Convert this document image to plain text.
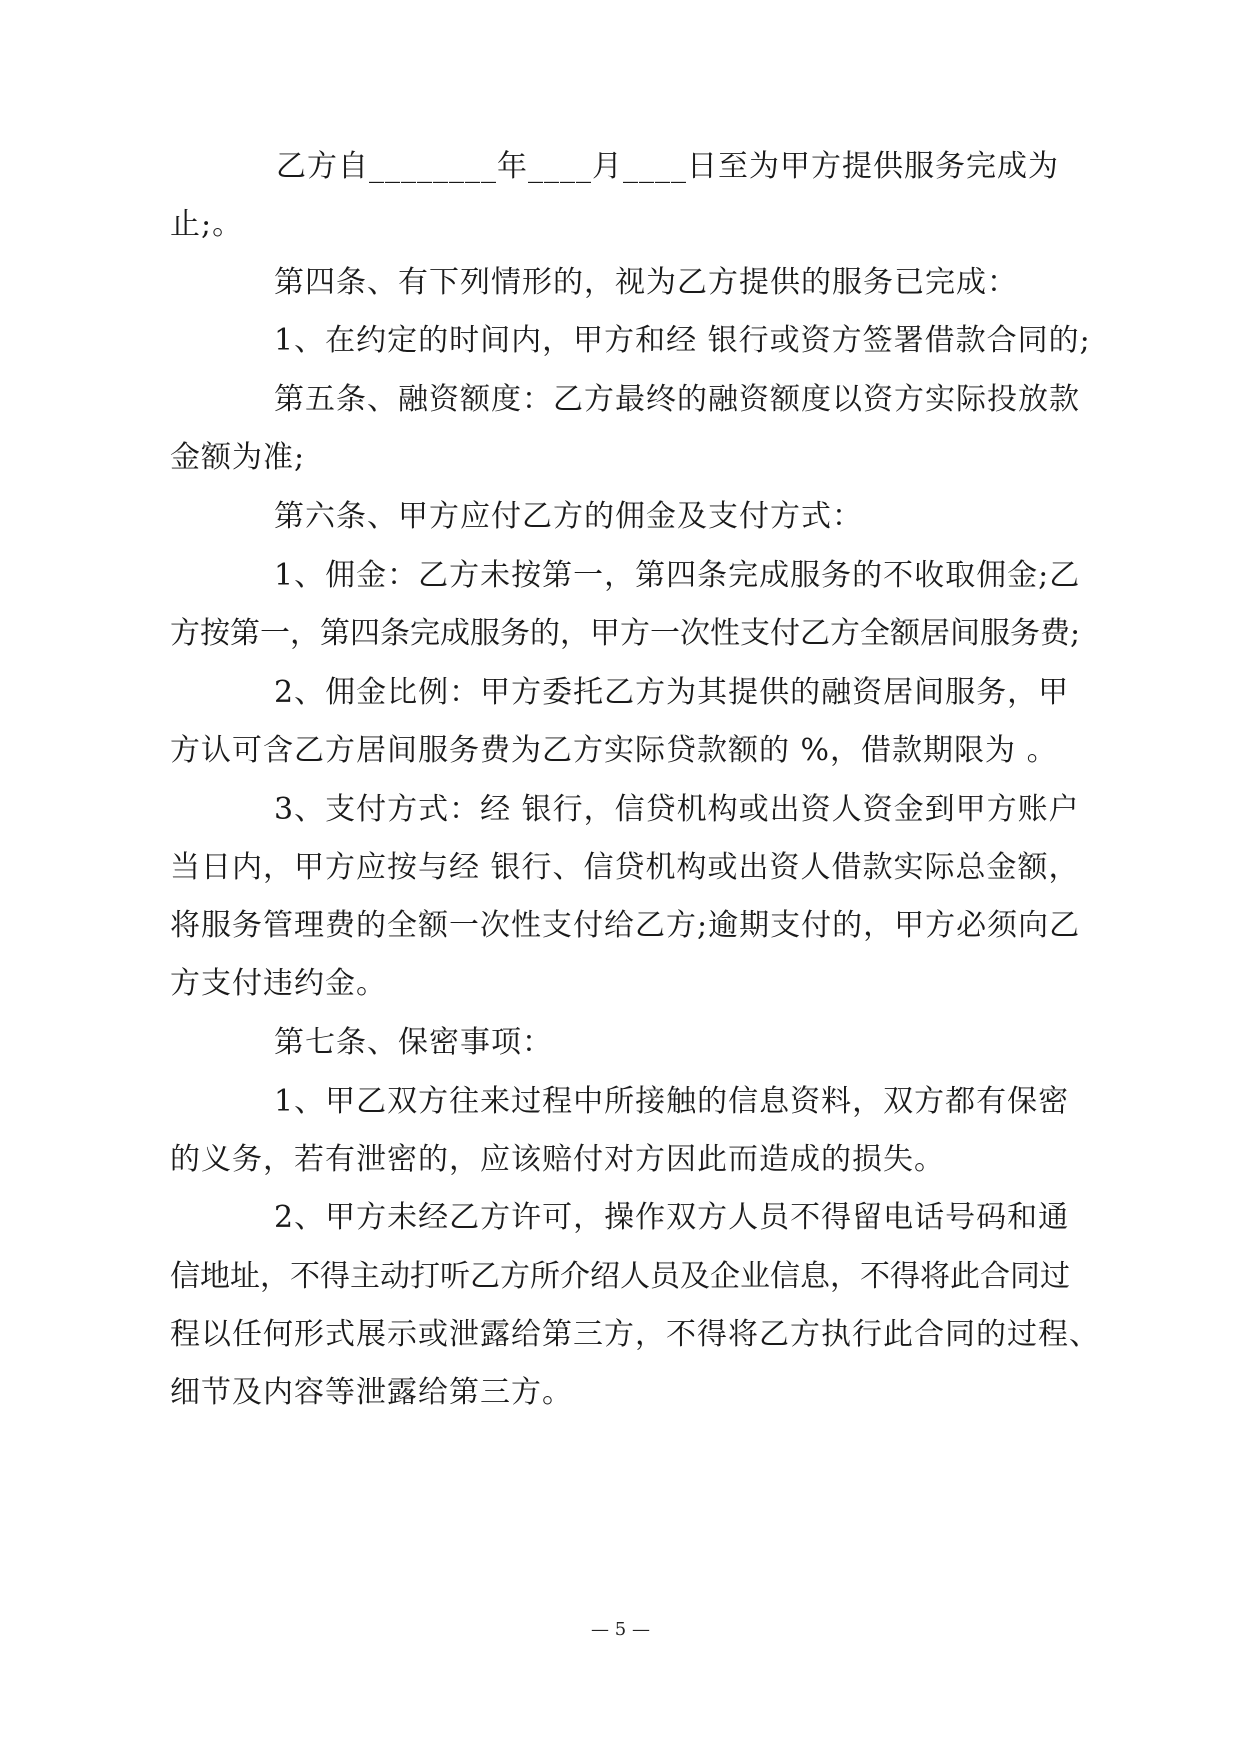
乙方自________年____月____日至为甲方提供服务完成为
止;。
第四条、有下列情形的，视为乙方提供的服务已完成：
1、在约定的时间内，甲方和经 银行或资方签署借款合同的;
第五条、融资额度：乙方最终的融资额度以资方实际投放款
金额为准;
第六条、甲方应付乙方的佣金及支付方式：
1、佣金：乙方未按第一，第四条完成服务的不收取佣金;乙
方按第一，第四条完成服务的，甲方一次性支付乙方全额居间服务费;
2、佣金比例：甲方委托乙方为其提供的融资居间服务，甲
方认可含乙方居间服务费为乙方实际贷款额的 %，借款期限为 。
3、支付方式：经 银行，信贷机构或出资人资金到甲方账户
当日内，甲方应按与经 银行、信贷机构或出资人借款实际总金额，
将服务管理费的全额一次性支付给乙方;逾期支付的，甲方必须向乙
方支付违约金。
第七条、保密事项：
1、甲乙双方往来过程中所接触的信息资料，双方都有保密
的义务，若有泄密的，应该赔付对方因此而造成的损失。
2、甲方未经乙方许可，操作双方人员不得留电话号码和通
信地址，不得主动打听乙方所介绍人员及企业信息，不得将此合同过
程以任何形式展示或泄露给第三方，不得将乙方执行此合同的过程、
细节及内容等泄露给第三方。
— 5 —
